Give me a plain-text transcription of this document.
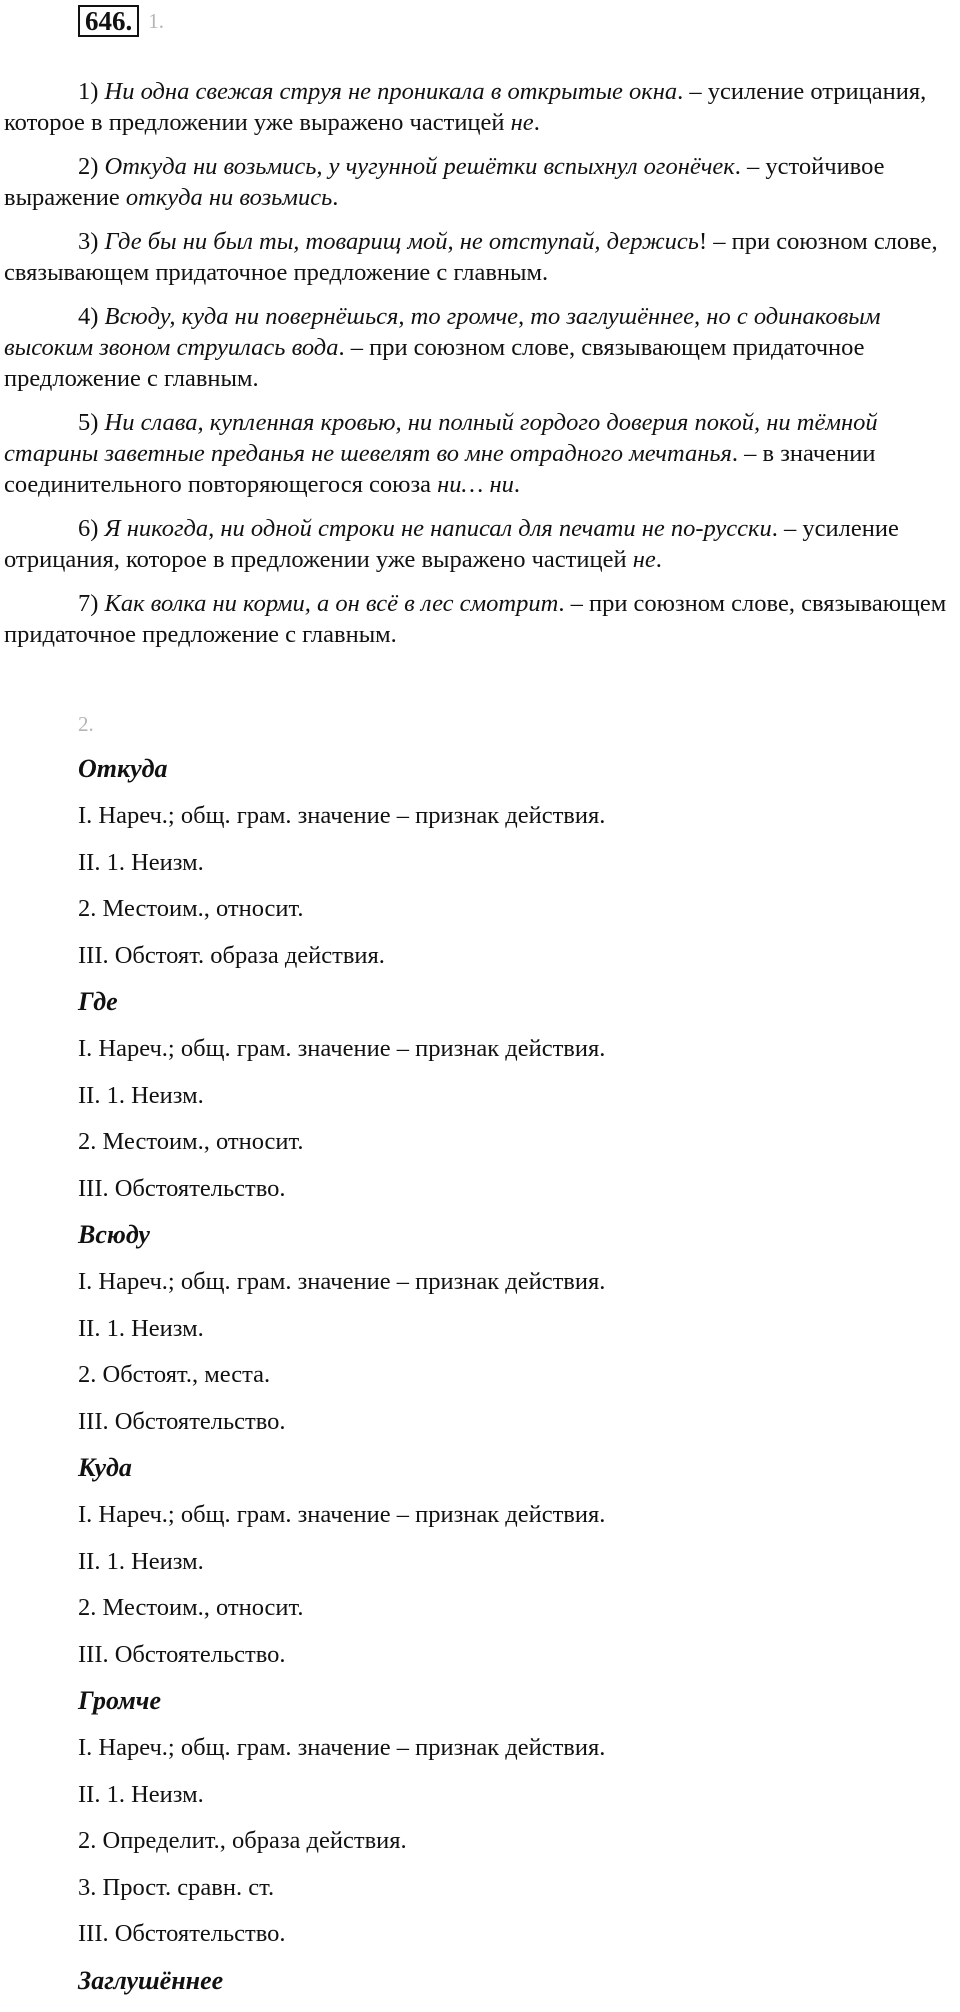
646. 1.

1) Ни одна свежая струя не проникала в открытые окна. – усиление отрицания, которое в предложении уже выражено частицей не.

2) Откуда ни возьмись, у чугунной решётки вспыхнул огонёчек. – устойчивое выражение откуда ни возьмись.

3) Где бы ни был ты, товарищ мой, не отступай, держись! – при союзном слове, связывающем придаточное предложение с главным.

4) Всюду, куда ни повернёшься, то громче, то заглушённее, но с одинаковым высоким звоном струилась вода. – при союзном слове, связывающем придаточное предложение с главным.

5) Ни слава, купленная кровью, ни полный гордого доверия покой, ни тёмной старины заветные преданья не шевелят во мне отрадного мечтанья. – в значении соединительного повторяющегося союза ни… ни.

6) Я никогда, ни одной строки не написал для печати не по-русски. – усиление отрицания, которое в предложении уже выражено частицей не.

7) Как волка ни корми, а он всё в лес смотрит. – при союзном слове, связывающем придаточное предложение с главным.

2.
Откуда
I. Нареч.; общ. грам. значение – признак действия.
II. 1. Неизм.
2. Местоим., относит.
III. Обстоят. образа действия.
Где
I. Нареч.; общ. грам. значение – признак действия.
II. 1. Неизм.
2. Местоим., относит.
III. Обстоятельство.
Всюду
I. Нареч.; общ. грам. значение – признак действия.
II. 1. Неизм.
2. Обстоят., места.
III. Обстоятельство.
Куда
I. Нареч.; общ. грам. значение – признак действия.
II. 1. Неизм.
2. Местоим., относит.
III. Обстоятельство.
Громче
I. Нареч.; общ. грам. значение – признак действия.
II. 1. Неизм.
2. Определит., образа действия.
3. Прост. сравн. ст.
III. Обстоятельство.
Заглушённее
